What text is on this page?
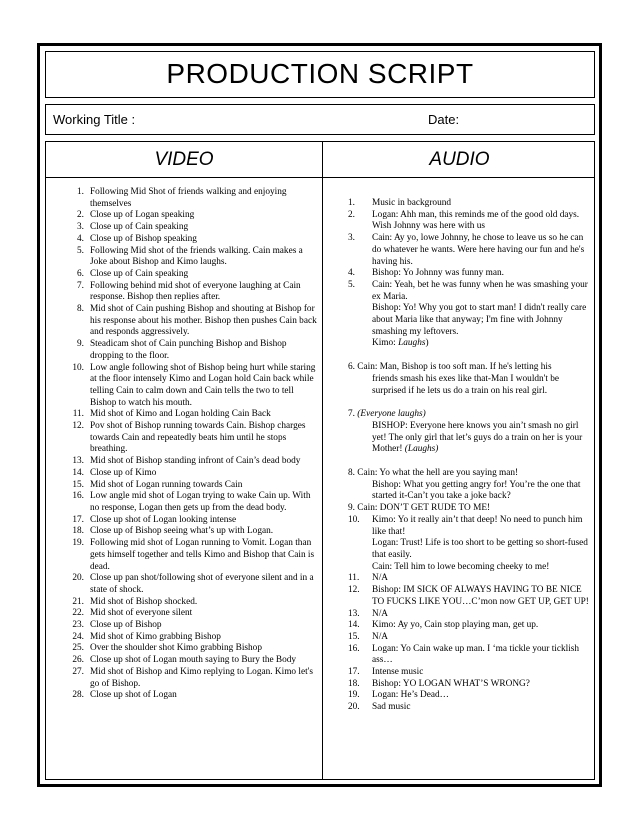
PRODUCTION SCRIPT
Working Title :	Date:
VIDEO	AUDIO
1. Following Mid Shot of friends walking and enjoying themselves
2. Close up of Logan speaking
3. Close up of Cain speaking
4. Close up of Bishop speaking
5. Following Mid shot of the friends walking. Cain makes a Joke about Bishop and Kimo laughs.
6. Close up of Cain speaking
7. Following behind mid shot of everyone laughing at Cain response. Bishop then replies after.
8. Mid shot of Cain pushing Bishop and shouting at Bishop for his response about his mother. Bishop then pushes Cain back and responds aggressively.
9. Steadicam shot of Cain punching Bishop and Bishop dropping to the floor.
10. Low angle following shot of Bishop being hurt while staring at the floor intensely Kimo and Logan hold Cain back while telling Cain to calm down and Cain tells the two to tell Bishop to watch his mouth.
11. Mid shot of Kimo and Logan holding Cain Back
12. Pov shot of Bishop running towards Cain. Bishop charges towards Cain and repeatedly beats him until he stops breathing.
13. Mid shot of Bishop standing infront of Cain’s dead body
14. Close up of Kimo
15. Mid shot of Logan running towards Cain
16. Low angle mid shot of Logan trying to wake Cain up. With no response, Logan then gets up from the dead body.
17. Close up shot of Logan looking intense
18. Close up of Bishop seeing what’s up with Logan.
19. Following mid shot of Logan running to Vomit. Logan than gets himself together and tells Kimo and Bishop that Cain is dead.
20. Close up pan shot/following shot of everyone silent and in a state of shock.
21. Mid shot of Bishop shocked.
22. Mid shot of everyone silent
23. Close up of Bishop
24. Mid shot of Kimo grabbing Bishop
25. Over the shoulder shot Kimo grabbing Bishop
26. Close up shot of Logan mouth saying to Bury the Body
27. Mid shot of Bishop and Kimo replying to Logan. Kimo let's go of Bishop.
28. Close up shot of Logan
1.	Music in background
2.	Logan: Ahh man, this reminds me of the good old days. Wish Johnny was here with us
3.	Cain: Ay yo, lowe Johnny, he chose to leave us so he can do whatever he wants. Were here having our fun and he's having his.
4.	Bishop: Yo Johnny was funny man.
5.	Cain: Yeah, bet he was funny when he was smashing your ex Maria.
Bishop: Yo! Why you got to start man! I didn't really care about Maria like that anyway; I'm fine with Johnny smashing my leftovers.
Kimo: Laughs)
6. Cain: Man, Bishop is too soft man. If he's letting his
friends smash his exes like that-Man I wouldn't be surprised if he lets us do a train on his real girl.
7. (Everyone laughs)
BISHOP: Everyone here knows you ain’t smash no girl yet! The only girl that let’s guys do a train on her is your Mother! (Laughs)
8. Cain: Yo what the hell are you saying man!
Bishop: What you getting angry for! You’re the one that started it-Can’t you take a joke back?
9. Cain: DON’T GET RUDE TO ME!
10.	Kimo: Yo it really ain’t that deep! No need to punch him like that!
Logan: Trust! Life is too short to be getting so short-fused that easily.
Cain: Tell him to lowe becoming cheeky to me!
11.	N/A
12.	Bishop: IM SICK OF ALWAYS HAVING TO BE NICE TO FUCKS LIKE YOU…C’mon now GET UP, GET UP!
13.	N/A
14.	Kimo: Ay yo, Cain stop playing man, get up.
15.	N/A
16.	Logan: Yo Cain wake up man. I ‘ma tickle your ticklish ass…
17.	Intense music
18.	Bishop: YO LOGAN WHAT’S WRONG?
19.	Logan: He’s Dead…
20.	Sad music
